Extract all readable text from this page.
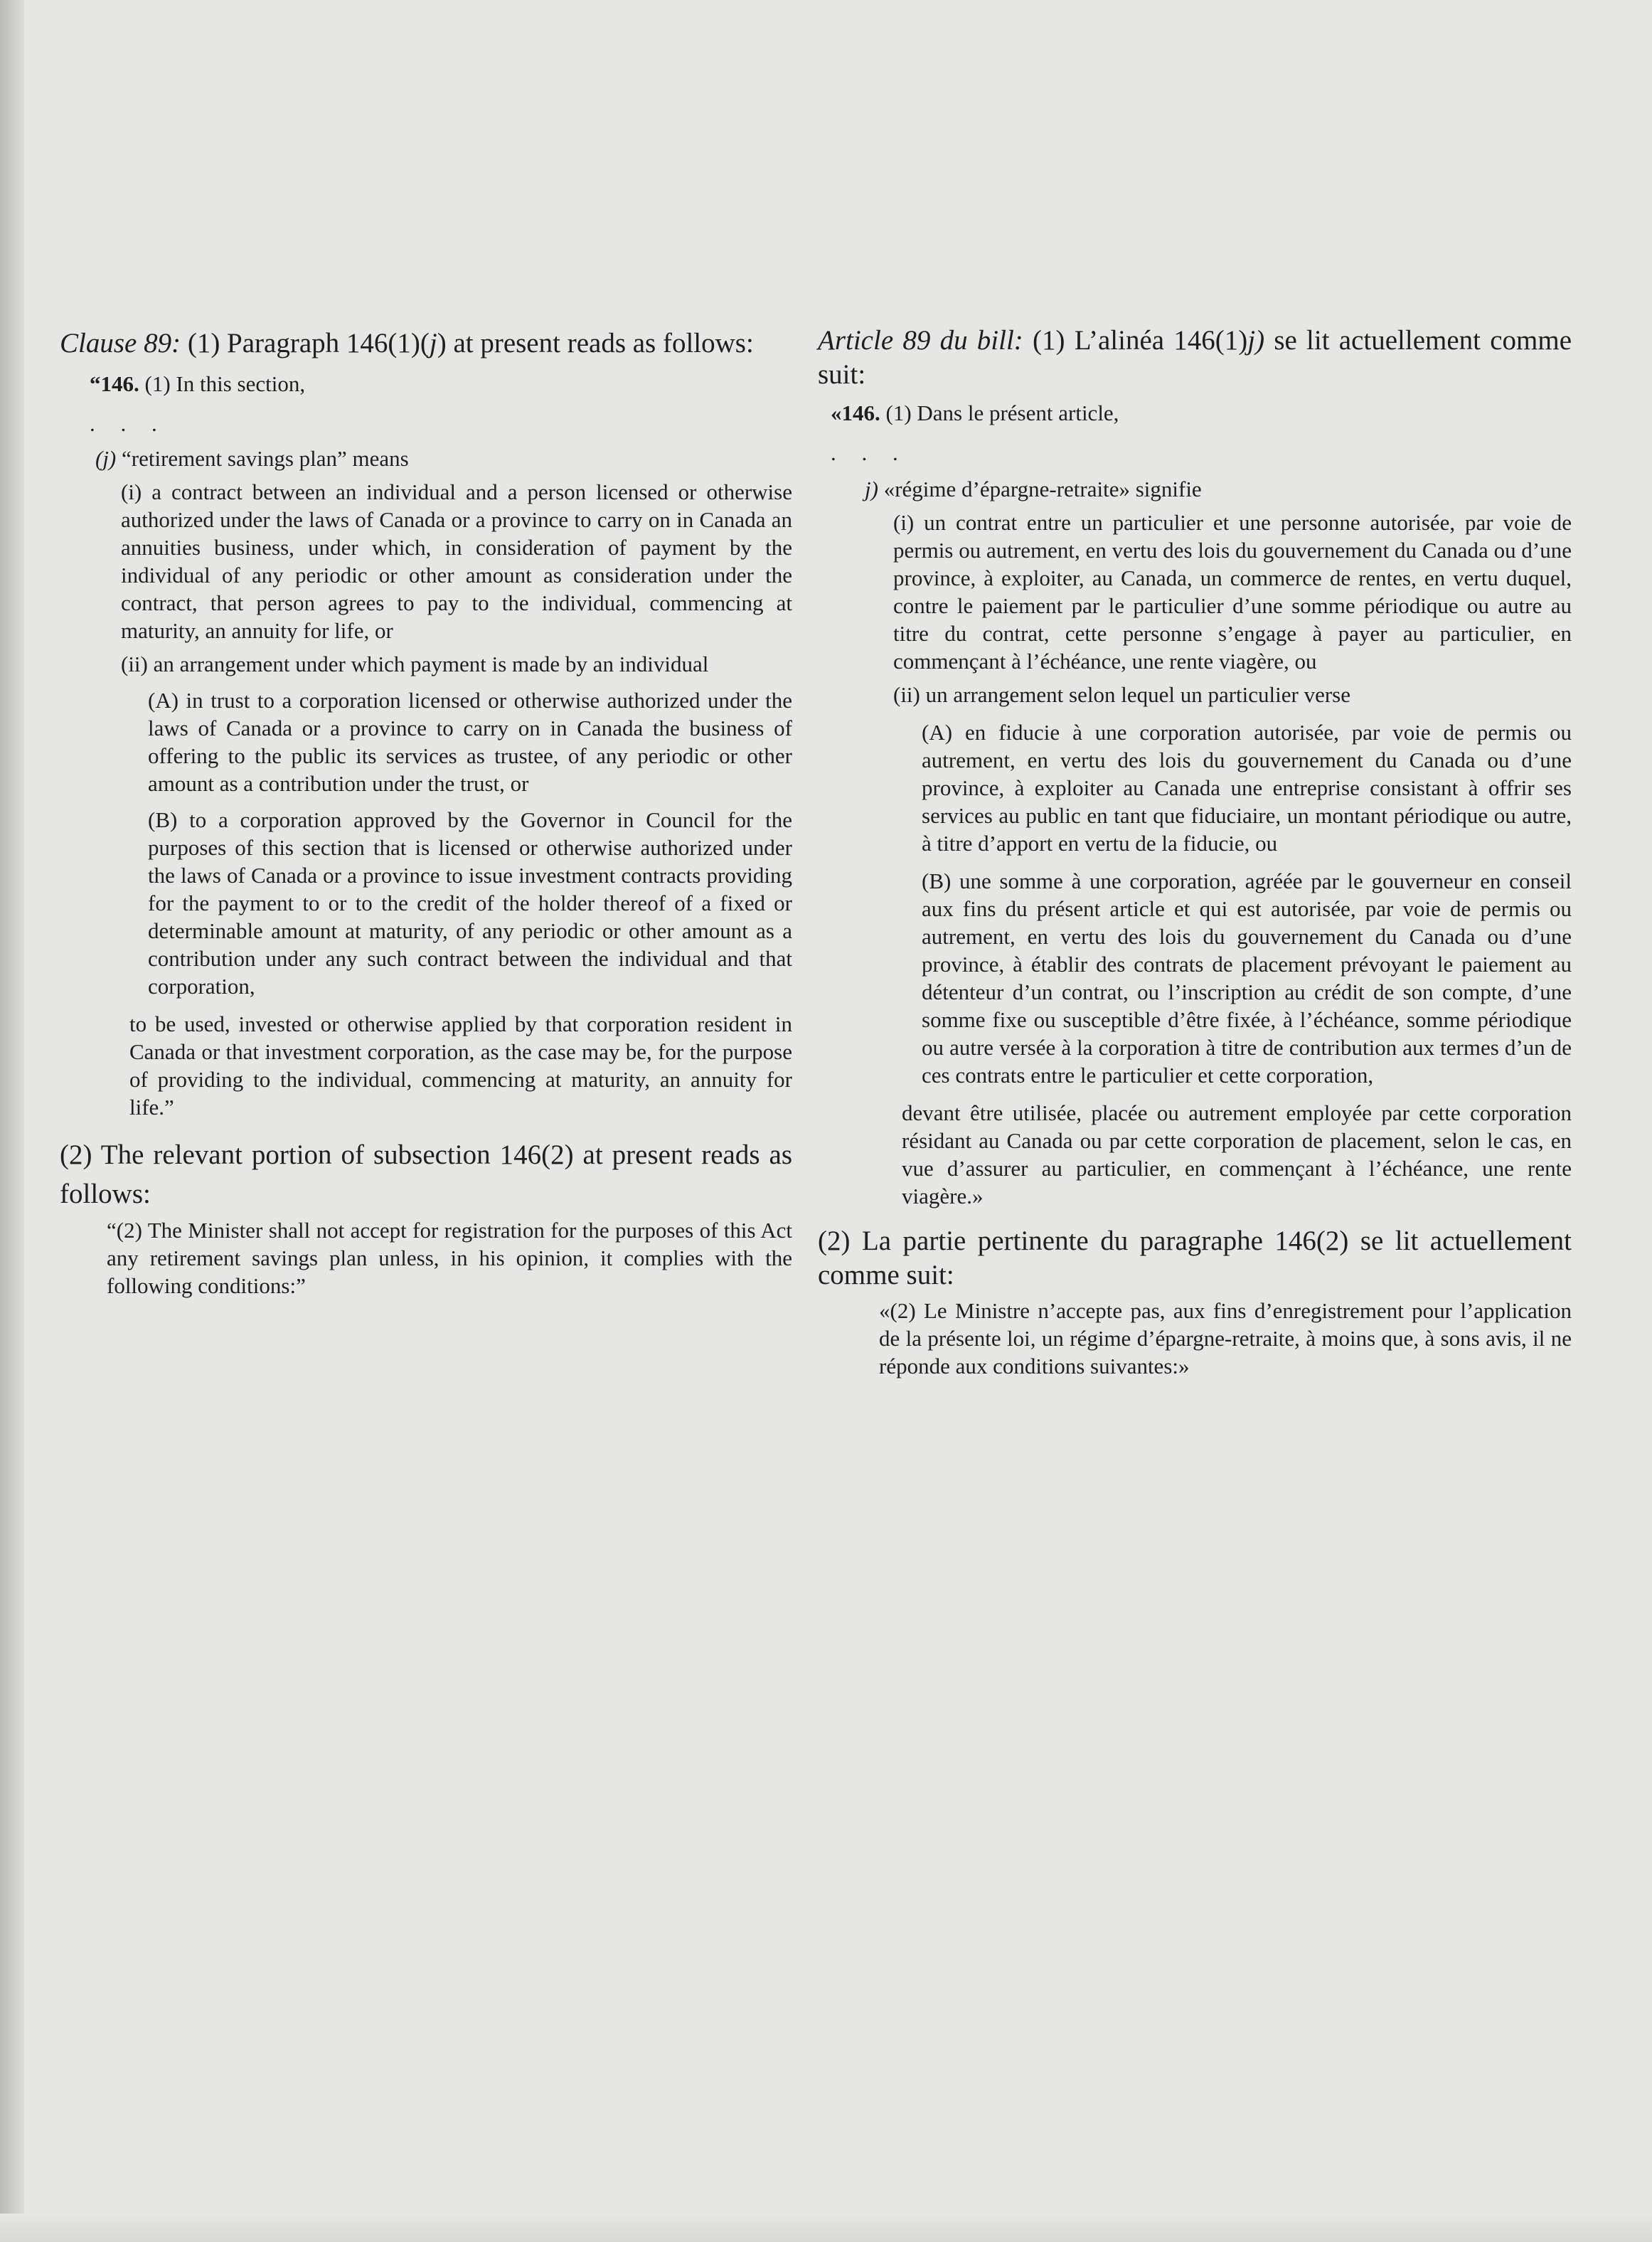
Clause 89: (1) Paragraph 146(1)(j) at present reads as follows:

“146. (1) In this section,

. . .

(j) “retirement savings plan” means

(i) a contract between an individual and a person licensed or otherwise authorized under the laws of Canada or a province to carry on in Canada an annuities business, under which, in consideration of payment by the individual of any periodic or other amount as consideration under the contract, that person agrees to pay to the individual, commencing at maturity, an annuity for life, or

(ii) an arrangement under which payment is made by an individual

(A) in trust to a corporation licensed or otherwise authorized under the laws of Canada or a province to carry on in Canada the business of offering to the public its services as trustee, of any periodic or other amount as a contribution under the trust, or

(B) to a corporation approved by the Governor in Council for the purposes of this section that is licensed or otherwise authorized under the laws of Canada or a province to issue investment contracts providing for the payment to or to the credit of the holder thereof of a fixed or determinable amount at maturity, of any periodic or other amount as a contribution under any such contract between the individual and that corporation,

to be used, invested or otherwise applied by that corporation resident in Canada or that investment corporation, as the case may be, for the purpose of providing to the individual, commencing at maturity, an annuity for life.”

(2) The relevant portion of subsection 146(2) at present reads as follows:

“(2) The Minister shall not accept for registration for the purposes of this Act any retirement savings plan unless, in his opinion, it complies with the following conditions:”

Article 89 du bill: (1) L’alinéa 146(1)j) se lit actuellement comme suit:

«146. (1) Dans le présent article,

. . .

j) «régime d’épargne-retraite» signifie

(i) un contrat entre un particulier et une personne autorisée, par voie de permis ou autrement, en vertu des lois du gouvernement du Canada ou d’une province, à exploiter, au Canada, un commerce de rentes, en vertu duquel, contre le paiement par le particulier d’une somme périodique ou autre au titre du contrat, cette personne s’engage à payer au particulier, en commençant à l’échéance, une rente viagère, ou

(ii) un arrangement selon lequel un particulier verse

(A) en fiducie à une corporation autorisée, par voie de permis ou autrement, en vertu des lois du gouvernement du Canada ou d’une province, à exploiter au Canada une entreprise consistant à offrir ses services au public en tant que fiduciaire, un montant périodique ou autre, à titre d’apport en vertu de la fiducie, ou

(B) une somme à une corporation, agréée par le gouverneur en conseil aux fins du présent article et qui est autorisée, par voie de permis ou autrement, en vertu des lois du gouvernement du Canada ou d’une province, à établir des contrats de placement prévoyant le paiement au détenteur d’un contrat, ou l’inscription au crédit de son compte, d’une somme fixe ou susceptible d’être fixée, à l’échéance, somme périodique ou autre versée à la corporation à titre de contribution aux termes d’un de ces contrats entre le particulier et cette corporation,

devant être utilisée, placée ou autrement employée par cette corporation résidant au Canada ou par cette corporation de placement, selon le cas, en vue d’assurer au particulier, en commençant à l’échéance, une rente viagère.»

(2) La partie pertinente du paragraphe 146(2) se lit actuellement comme suit:

«(2) Le Ministre n’accepte pas, aux fins d’enregistrement pour l’application de la présente loi, un régime d’épargne-retraite, à moins que, à sons avis, il ne réponde aux conditions suivantes:»
